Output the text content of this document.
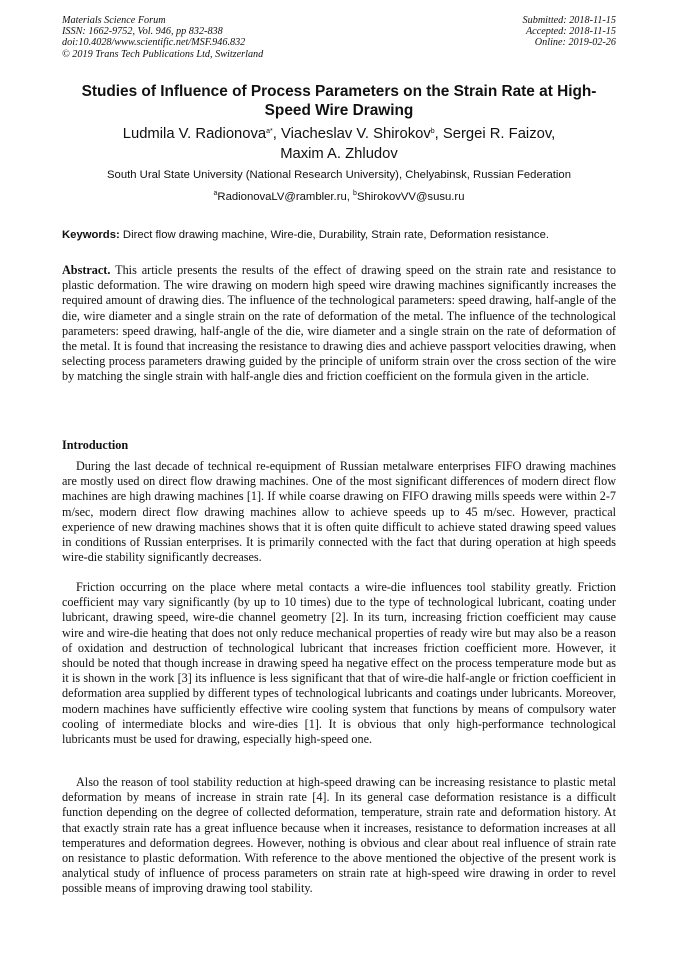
Materials Science Forum
ISSN: 1662-9752, Vol. 946, pp 832-838
doi:10.4028/www.scientific.net/MSF.946.832
© 2019 Trans Tech Publications Ltd, Switzerland
Submitted: 2018-11-15
Accepted: 2018-11-15
Online: 2019-02-26
Studies of Influence of Process Parameters on the Strain Rate at High-Speed Wire Drawing
Ludmila V. Radionova$^{a*}$, Viacheslav V. Shirokov$^b$, Sergei R. Faizov,
Maxim A. Zhludov
South Ural State University (National Research University), Chelyabinsk, Russian Federation
$^a$RadionovaLV@rambler.ru, $^b$ShirokovVV@susu.ru
Keywords: Direct flow drawing machine, Wire-die, Durability, Strain rate, Deformation resistance.

Abstract. This article presents the results of the effect of drawing speed on the strain rate and resistance to plastic deformation. The wire drawing on modern high speed wire drawing machines significantly increases the required amount of drawing dies. The influence of the technological parameters: speed drawing, half-angle of the die, wire diameter and a single strain on the rate of deformation of the metal. The influence of the technological parameters: speed drawing, half-angle of the die, wire diameter and a single strain on the rate of deformation of the metal. It is found that increasing the resistance to drawing dies and achieve passport velocities drawing, when selecting process parameters drawing guided by the principle of uniform strain over the cross section of the wire by matching the single strain with half-angle dies and friction coefficient on the formula given in the article.

Introduction

During the last decade of technical re-equipment of Russian metalware enterprises FIFO drawing machines are mostly used on direct flow drawing machines. One of the most significant differences of modern direct flow machines are high drawing machines [1]. If while coarse drawing on FIFO drawing mills speeds were within 2-7 m/sec, modern direct flow drawing machines allow to achieve speeds up to 45 m/sec. However, practical experience of new drawing machines shows that it is often quite difficult to achieve stated drawing speed values in conditions of Russian enterprises. It is primarily connected with the fact that during operation at high speeds wire-die stability significantly decreases.

Friction occurring on the place where metal contacts a wire-die influences tool stability greatly. Friction coefficient may vary significantly (by up to 10 times) due to the type of technological lubricant, coating under lubricant, drawing speed, wire-die channel geometry [2]. In its turn, increasing friction coefficient may cause wire and wire-die heating that does not only reduce mechanical properties of ready wire but may also be a reason of oxidation and destruction of technological lubricant that increases friction coefficient more. However, it should be noted that though increase in drawing speed ha negative effect on the process temperature mode but as it is shown in the work [3] its influence is less significant that that of wire-die half-angle or friction coefficient in deformation area supplied by different types of technological lubricants and coatings under lubricants. Moreover, modern machines have sufficiently effective wire cooling system that functions by means of compulsory water cooling of intermediate blocks and wire-dies [1]. It is obvious that only high-performance technological lubricants must be used for drawing, especially high-speed one.

Also the reason of tool stability reduction at high-speed drawing can be increasing resistance to plastic metal deformation by means of increase in strain rate [4]. In its general case deformation resistance is a difficult function depending on the degree of collected deformation, temperature, strain rate and deformation history. At that exactly strain rate has a great influence because when it increases, resistance to deformation increases at all temperatures and deformation degrees. However, nothing is obvious and clear about real influence of strain rate on resistance to plastic deformation. With reference to the above mentioned the objective of the present work is analytical study of influence of process parameters on strain rate at high-speed wire drawing in order to revel possible means of improving drawing tool stability.
